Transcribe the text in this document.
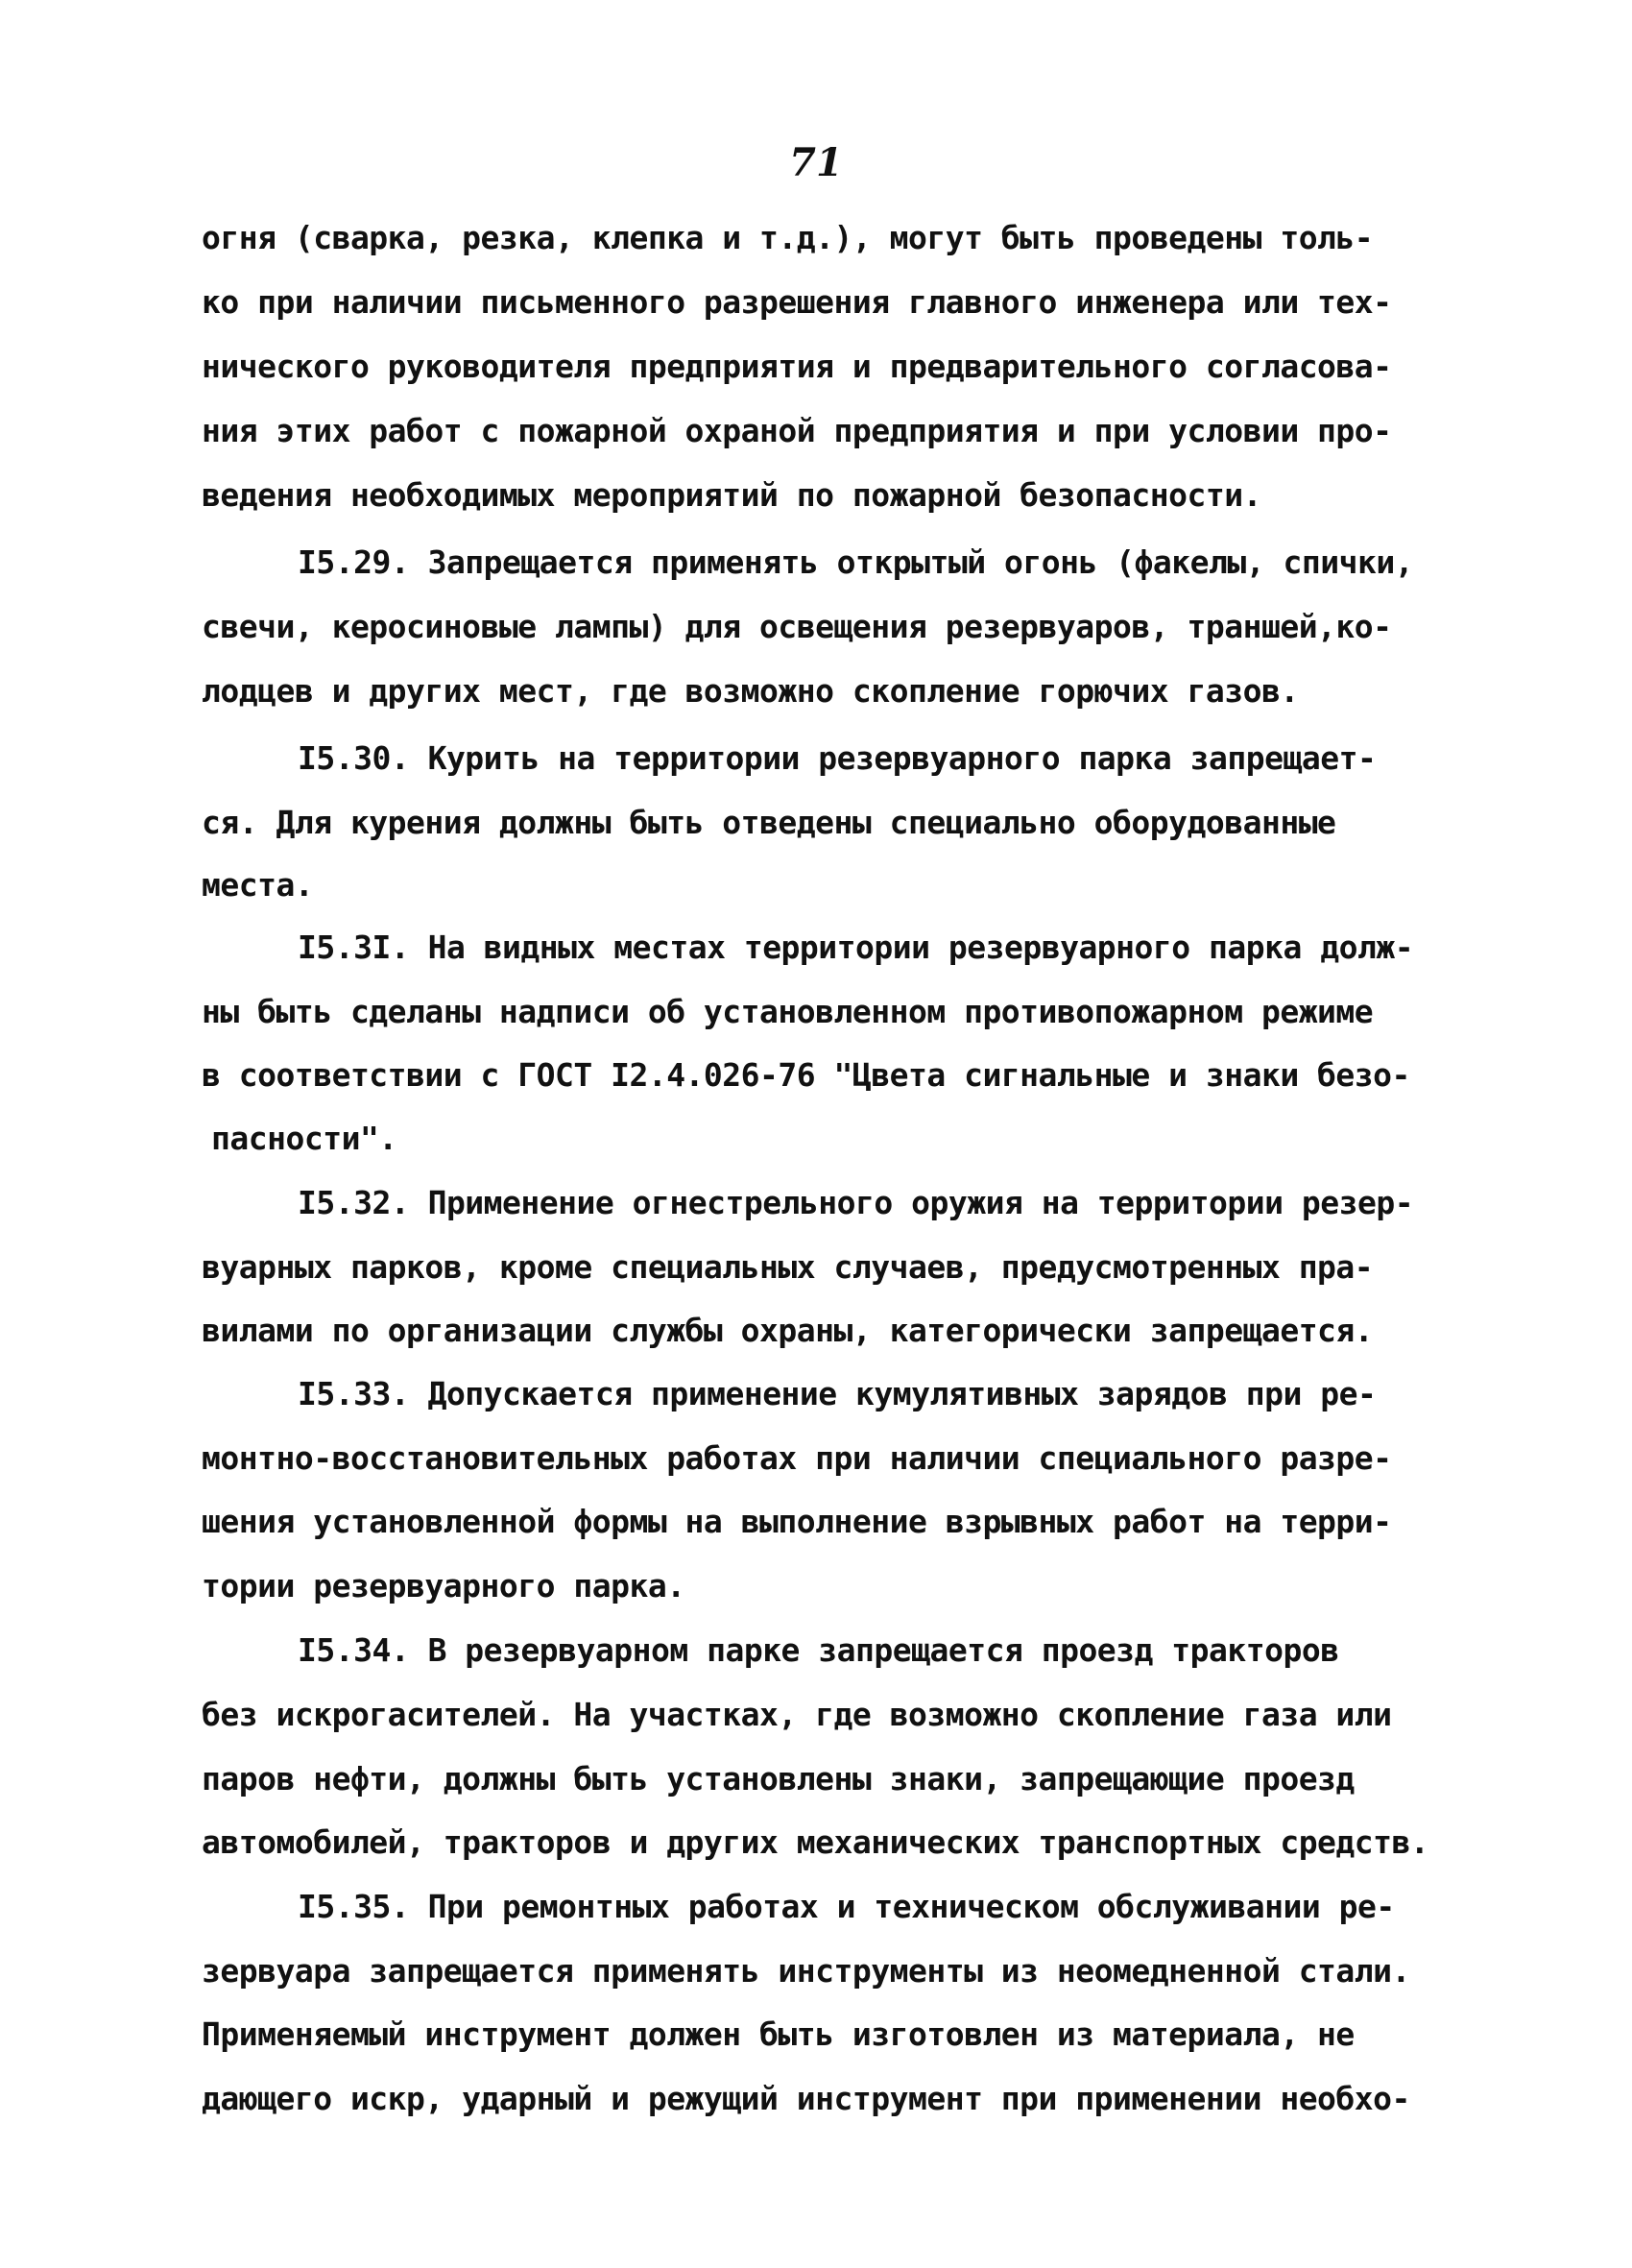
71
огня (сварка, резка, клепка и т.д.), могут быть проведены толь-
ко при наличии письменного разрешения главного инженера или тех-
нического руководителя предприятия и предварительного согласова-
ния этих работ с пожарной охраной предприятия и при условии про-
ведения необходимых мероприятий по пожарной безопасности.
I5.29. Запрещается применять открытый огонь (факелы, спички,
свечи, керосиновые лампы) для освещения резервуаров, траншей,ко-
лодцев и других мест, где возможно скопление горючих газов.
I5.30. Курить на территории резервуарного парка запрещает-
ся. Для курения должны быть отведены специально оборудованные
места.
I5.3I. На видных местах территории резервуарного парка долж-
ны быть сделаны надписи об установленном противопожарном режиме
в соответствии с ГОСТ I2.4.026-76 "Цвета сигнальные и знаки безо-
пасности".
I5.32. Применение огнестрельного оружия на территории резер-
вуарных парков, кроме специальных случаев, предусмотренных пра-
вилами по организации службы охраны, категорически запрещается.
I5.33. Допускается применение кумулятивных зарядов при ре-
монтно-восстановительных работах при наличии специального разре-
шения установленной формы на выполнение взрывных работ на терри-
тории резервуарного парка.
I5.34. В резервуарном парке запрещается проезд тракторов
без искрогасителей. На участках, где возможно скопление газа или
паров нефти, должны быть установлены знаки, запрещающие проезд
автомобилей, тракторов и других механических транспортных средств.
I5.35. При ремонтных работах и техническом обслуживании ре-
зервуара запрещается применять инструменты из неомедненной стали.
Применяемый инструмент должен быть изготовлен из материала, не
дающего искр, ударный и режущий инструмент при применении необхо-
